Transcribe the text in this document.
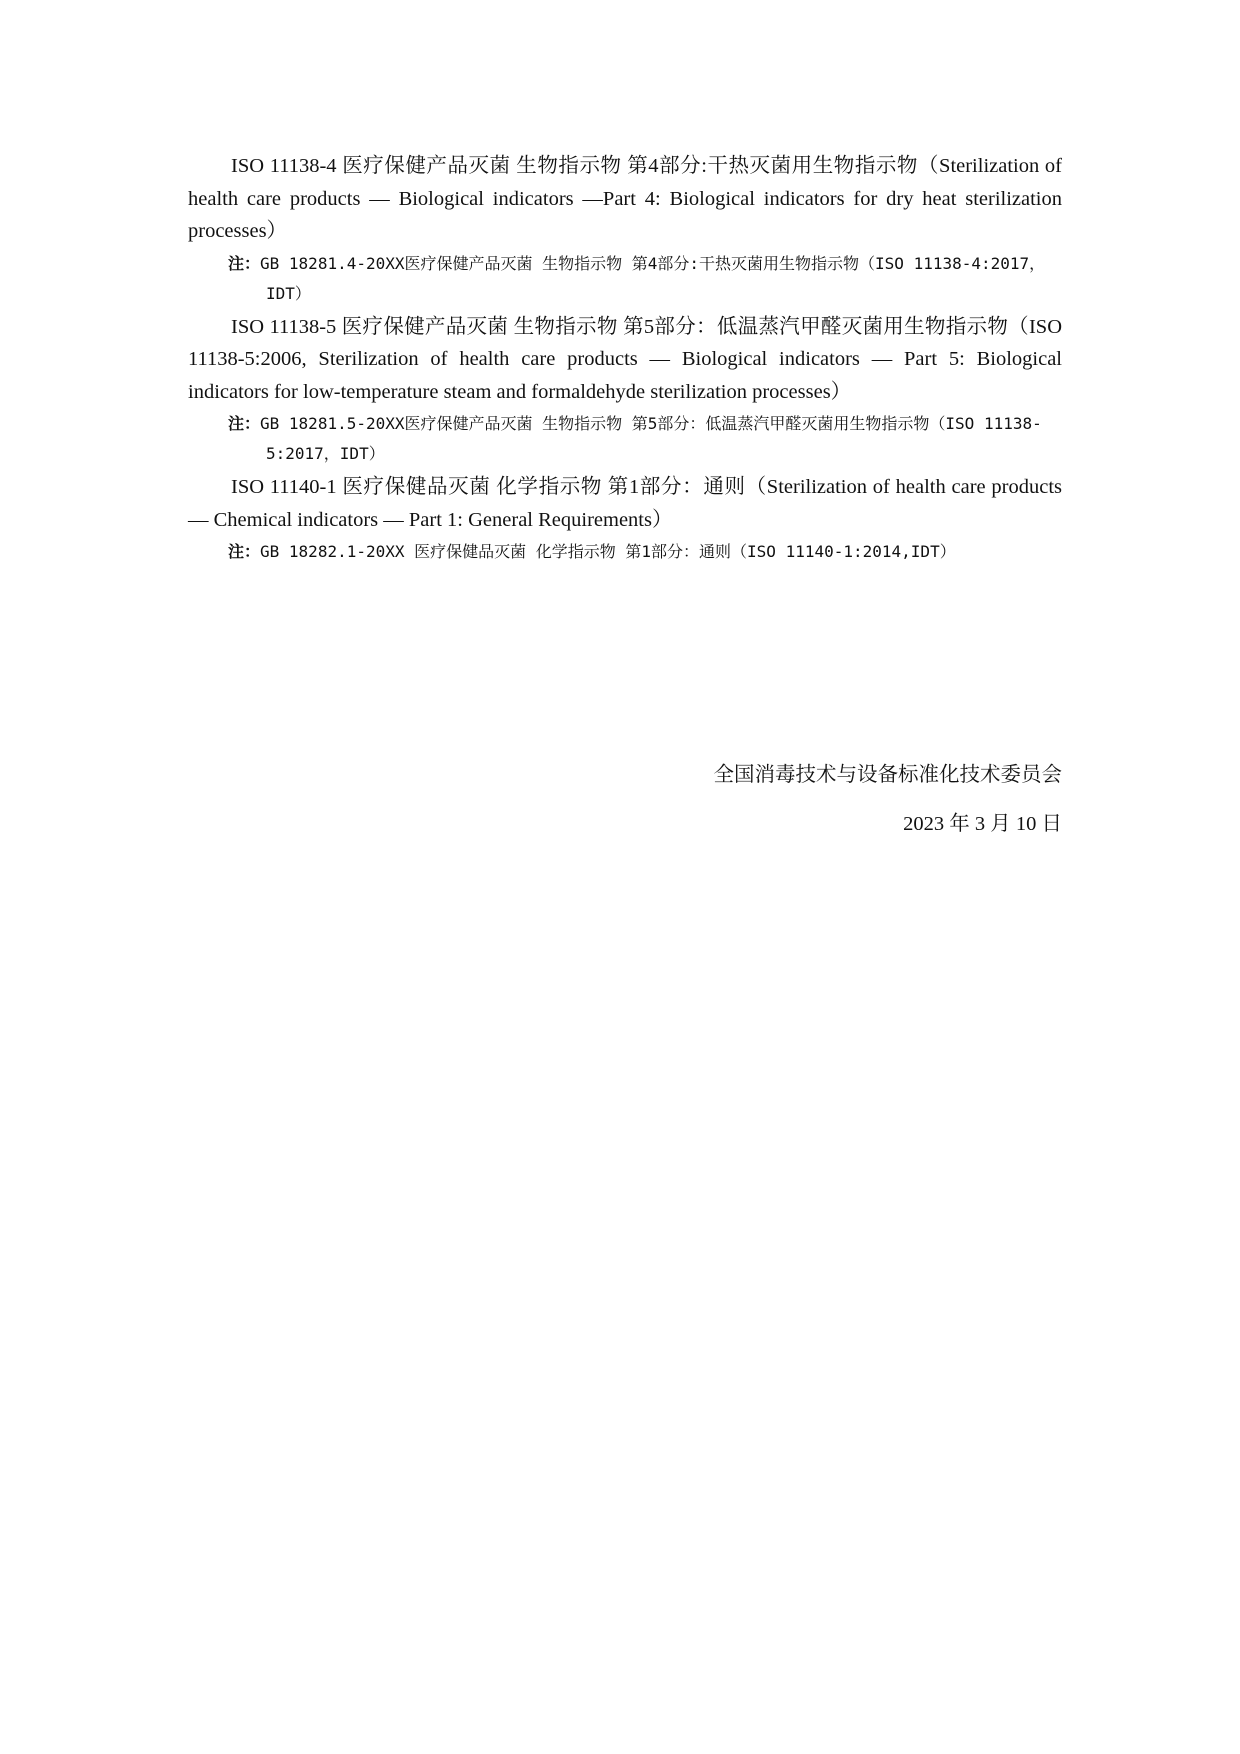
ISO 11138-4 医疗保健产品灭菌 生物指示物 第4部分:干热灭菌用生物指示物（Sterilization of health care products — Biological indicators —Part 4: Biological indicators for dry heat sterilization processes）

注：GB 18281.4-20XX医疗保健产品灭菌 生物指示物 第4部分:干热灭菌用生物指示物（ISO 11138-4:2017，IDT）

ISO 11138-5 医疗保健产品灭菌 生物指示物 第5部分：低温蒸汽甲醛灭菌用生物指示物（ISO 11138-5:2006, Sterilization of health care products — Biological indicators — Part 5: Biological indicators for low-temperature steam and formaldehyde sterilization processes）

注：GB 18281.5-20XX医疗保健产品灭菌 生物指示物 第5部分：低温蒸汽甲醛灭菌用生物指示物（ISO 11138-5:2017，IDT）

ISO 11140-1 医疗保健品灭菌 化学指示物 第1部分：通则（Sterilization of health care products — Chemical indicators — Part 1: General Requirements）

注：GB 18282.1-20XX 医疗保健品灭菌 化学指示物 第1部分：通则（ISO 11140-1:2014,IDT）

全国消毒技术与设备标准化技术委员会
2023 年 3 月 10 日
